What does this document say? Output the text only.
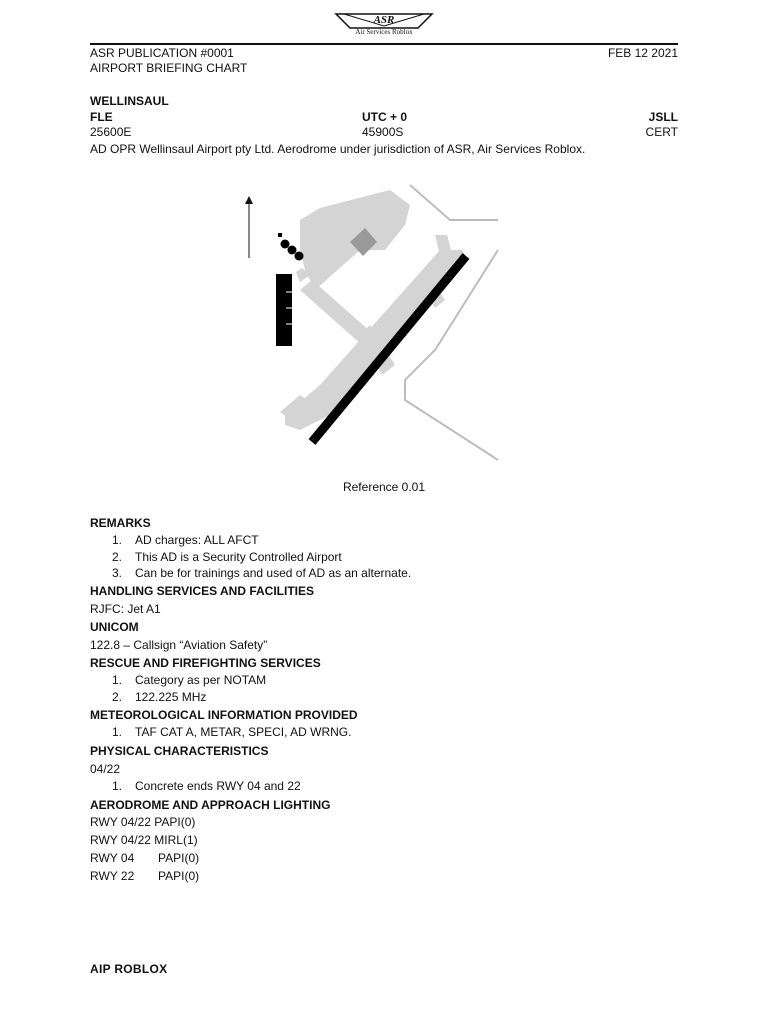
ASR
Air Services Roblox
ASR PUBLICATION #0001
AIRPORT BRIEFING CHART
FEB 12 2021
WELLINSAUL
FLE	UTC + 0	JSLL
25600E	45900S	CERT
AD OPR Wellinsaul Airport pty Ltd. Aerodrome under jurisdiction of ASR, Air Services Roblox.
Reference 0.01
REMARKS
1. AD charges: ALL AFCT
2. This AD is a Security Controlled Airport
3. Can be for trainings and used of AD as an alternate.
HANDLING SERVICES AND FACILITIES
RJFC: Jet A1
UNICOM
122.8 – Callsign “Aviation Safety”
RESCUE AND FIREFIGHTING SERVICES
1. Category as per NOTAM
2. 122.225 MHz
METEOROLOGICAL INFORMATION PROVIDED
1. TAF CAT A, METAR, SPECI, AD WRNG.
PHYSICAL CHARACTERISTICS
04/22
1. Concrete ends RWY 04 and 22
AERODROME AND APPROACH LIGHTING
RWY 04/22 PAPI(0)
RWY 04/22 MIRL(1)
RWY 04 PAPI(0)
RWY 22 PAPI(0)
AIP ROBLOX
